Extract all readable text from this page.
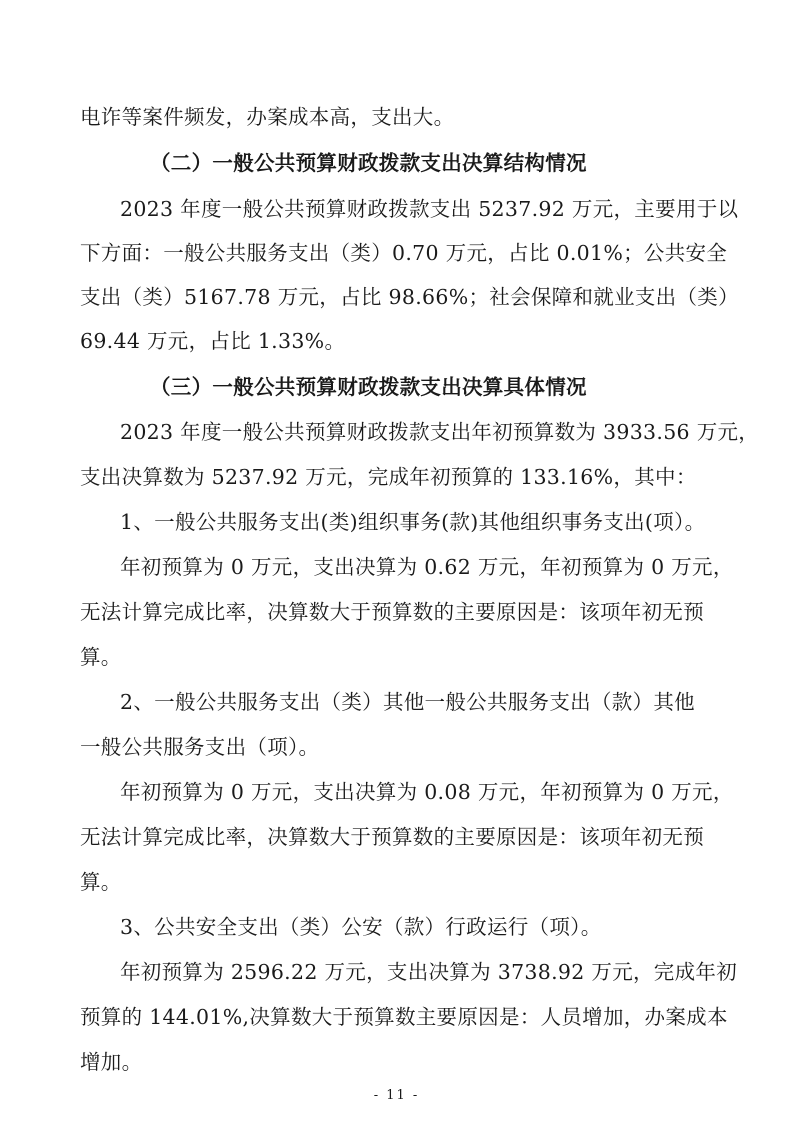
电诈等案件频发，办案成本高，支出大。
（二）一般公共预算财政拨款支出决算结构情况
2023 年度一般公共预算财政拨款支出 5237.92 万元，主要用于以
下方面：一般公共服务支出（类）0.70 万元，占比 0.01%；公共安全
支出（类）5167.78 万元，占比 98.66%；社会保障和就业支出（类）
69.44 万元，占比 1.33%。
（三）一般公共预算财政拨款支出决算具体情况
2023 年度一般公共预算财政拨款支出年初预算数为 3933.56 万元，
支出决算数为 5237.92 万元，完成年初预算的 133.16%，其中：
1、一般公共服务支出(类)组织事务(款)其他组织事务支出(项）。
年初预算为 0 万元，支出决算为 0.62 万元，年初预算为 0 万元，
无法计算完成比率，决算数大于预算数的主要原因是：该项年初无预
算。
2、一般公共服务支出（类）其他一般公共服务支出（款）其他
一般公共服务支出（项）。
年初预算为 0 万元，支出决算为 0.08 万元，年初预算为 0 万元，
无法计算完成比率，决算数大于预算数的主要原因是：该项年初无预
算。
3、公共安全支出（类）公安（款）行政运行（项）。
年初预算为 2596.22 万元，支出决算为 3738.92 万元，完成年初
预算的 144.01%,决算数大于预算数主要原因是：人员增加，办案成本
增加。
- 11 -
